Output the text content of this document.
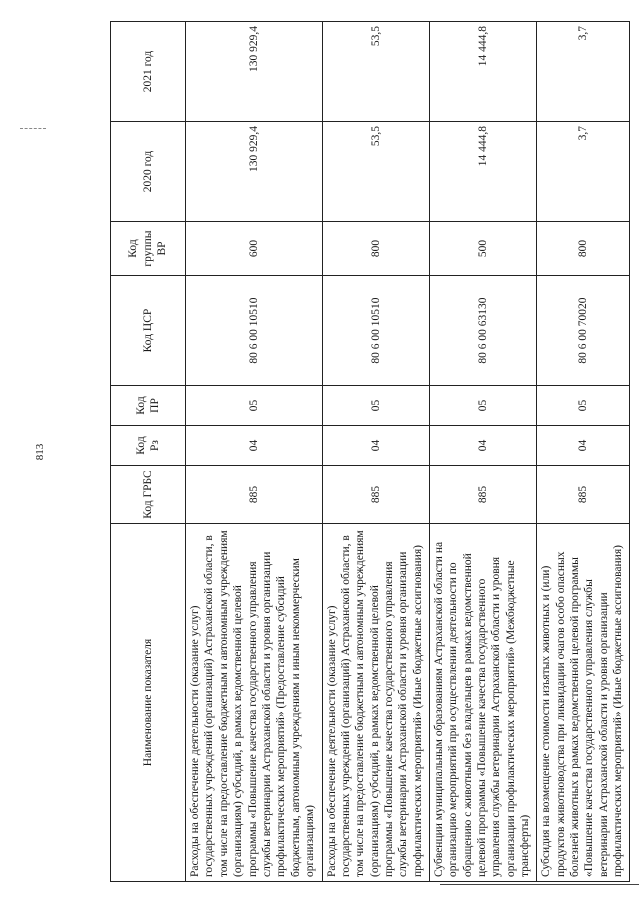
813
Наименование показателя	Код ГРБС	Код Рз	Код ПР	Код ЦСР	Код группы ВР	2020 год	2021 год
Расходы на обеспечение деятельности (оказание услуг) государственных учреждений (организаций) Астраханской области, в том числе на предоставление бюджетным и автономным учреждениям (организациям) субсидий, в рамках ведомственной целевой программы «Повышение качества государственного управления службы ветеринарии Астраханской области и уровня организации профилактических мероприятий» (Предоставление субсидий бюджетным, автономным учреждениям и иным некоммерческим организациям)	885	04	05	80 6 00 10510	600	130 929,4	130 929,4
Расходы на обеспечение деятельности (оказание услуг) государственных учреждений (организаций) Астраханской области, в том числе на предоставление бюджетным и автономным учреждениям (организациям) субсидий, в рамках ведомственной целевой программы «Повышение качества государственного управления службы ветеринарии Астраханской области и уровня организации профилактических мероприятий» (Иные бюджетные ассигнования)	885	04	05	80 6 00 10510	800	53,5	53,5
Субвенции муниципальным образованиям Астраханской области на организацию мероприятий при осуществлении деятельности по обращению с животными без владельцев в рамках ведомственной целевой программы «Повышение качества государственного управления службы ветеринарии Астраханской области и уровня организации профилактических мероприятий» (Межбюджетные трансферты)	885	04	05	80 6 00 63130	500	14 444,8	14 444,8
Субсидия на возмещение стоимости изъятых животных и (или) продуктов животноводства при ликвидации очагов особо опасных болезней животных в рамках ведомственной целевой программы «Повышение качества государственного управления службы ветеринарии Астраханской области и уровня организации профилактических мероприятий» (Иные бюджетные ассигнования)	885	04	05	80 6 00 70020	800	3,7	3,7
